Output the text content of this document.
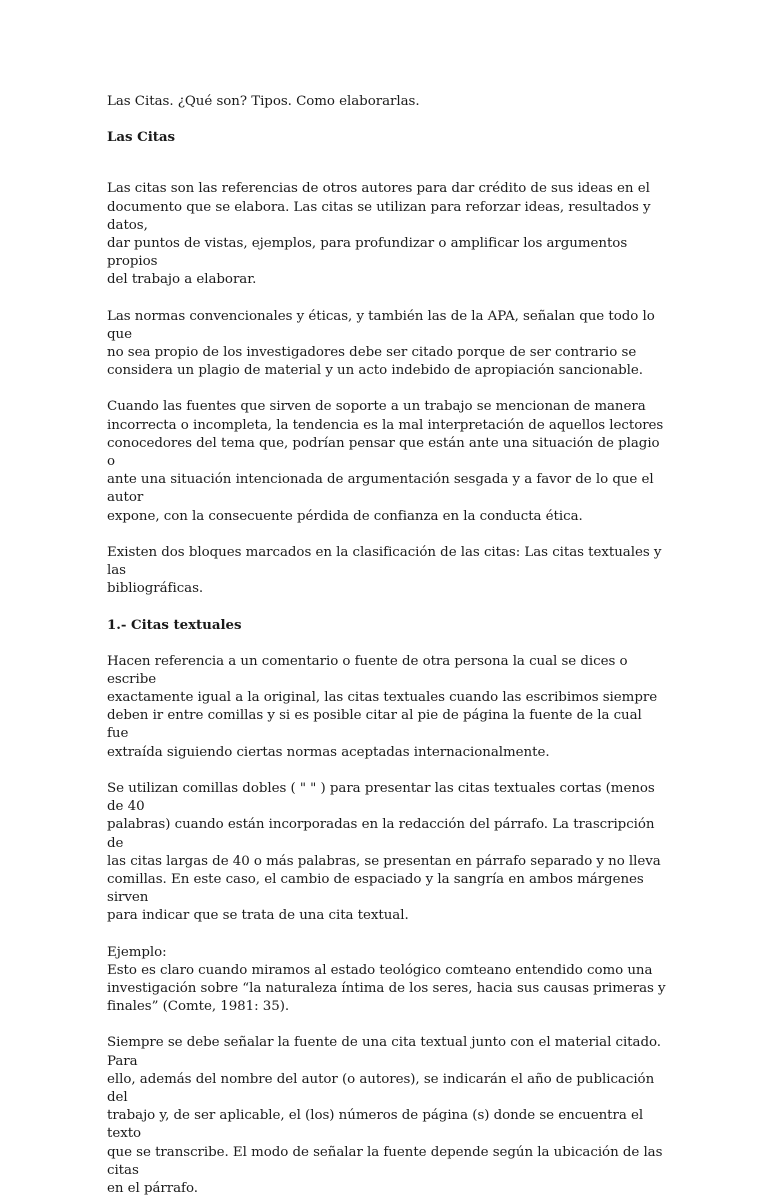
Las Citas. ¿Qué son? Tipos. Como elaborarlas.

Las Citas

Las citas son las referencias de otros autores para dar crédito de sus ideas en el
documento que se elabora. Las citas se utilizan para reforzar ideas, resultados y datos,
dar puntos de vistas, ejemplos, para profundizar o amplificar los argumentos propios
del trabajo a elaborar.

Las normas convencionales y éticas, y también las de la APA, señalan que todo lo que
no sea propio de los investigadores debe ser citado porque de ser contrario se
considera un plagio de material y un acto indebido de apropiación sancionable.

Cuando las fuentes que sirven de soporte a un trabajo se mencionan de manera
incorrecta o incompleta, la tendencia es la mal interpretación de aquellos lectores
conocedores del tema que, podrían pensar que están ante una situación de plagio o
ante una situación intencionada de argumentación sesgada y a favor de lo que el autor
expone, con la consecuente pérdida de confianza en la conducta ética.

Existen dos bloques marcados en la clasificación de las citas: Las citas textuales y las
bibliográficas.

1.- Citas textuales

Hacen referencia a un comentario o fuente de otra persona la cual se dices o escribe
exactamente igual a la original, las citas textuales cuando las escribimos siempre
deben ir entre comillas y si es posible citar al pie de página la fuente de la cual fue
extraída siguiendo ciertas normas aceptadas internacionalmente.

Se utilizan comillas dobles ( " " ) para presentar las citas textuales cortas (menos de 40
palabras) cuando están incorporadas en la redacción del párrafo. La trascripción de
las citas largas de 40 o más palabras, se presentan en párrafo separado y no lleva
comillas. En este caso, el cambio de espaciado y la sangría en ambos márgenes sirven
para indicar que se trata de una cita textual.

Ejemplo:

Esto es claro cuando miramos al estado teológico comteano entendido como una
investigación sobre “la naturaleza íntima de los seres, hacia sus causas primeras y
finales” (Comte, 1981: 35).

Siempre se debe señalar la fuente de una cita textual junto con el material citado. Para
ello, además del nombre del autor (o autores), se indicarán el año de publicación del
trabajo y, de ser aplicable, el (los) números de página (s) donde se encuentra el texto
que se transcribe. El modo de señalar la fuente depende según la ubicación de las citas
en el párrafo.
